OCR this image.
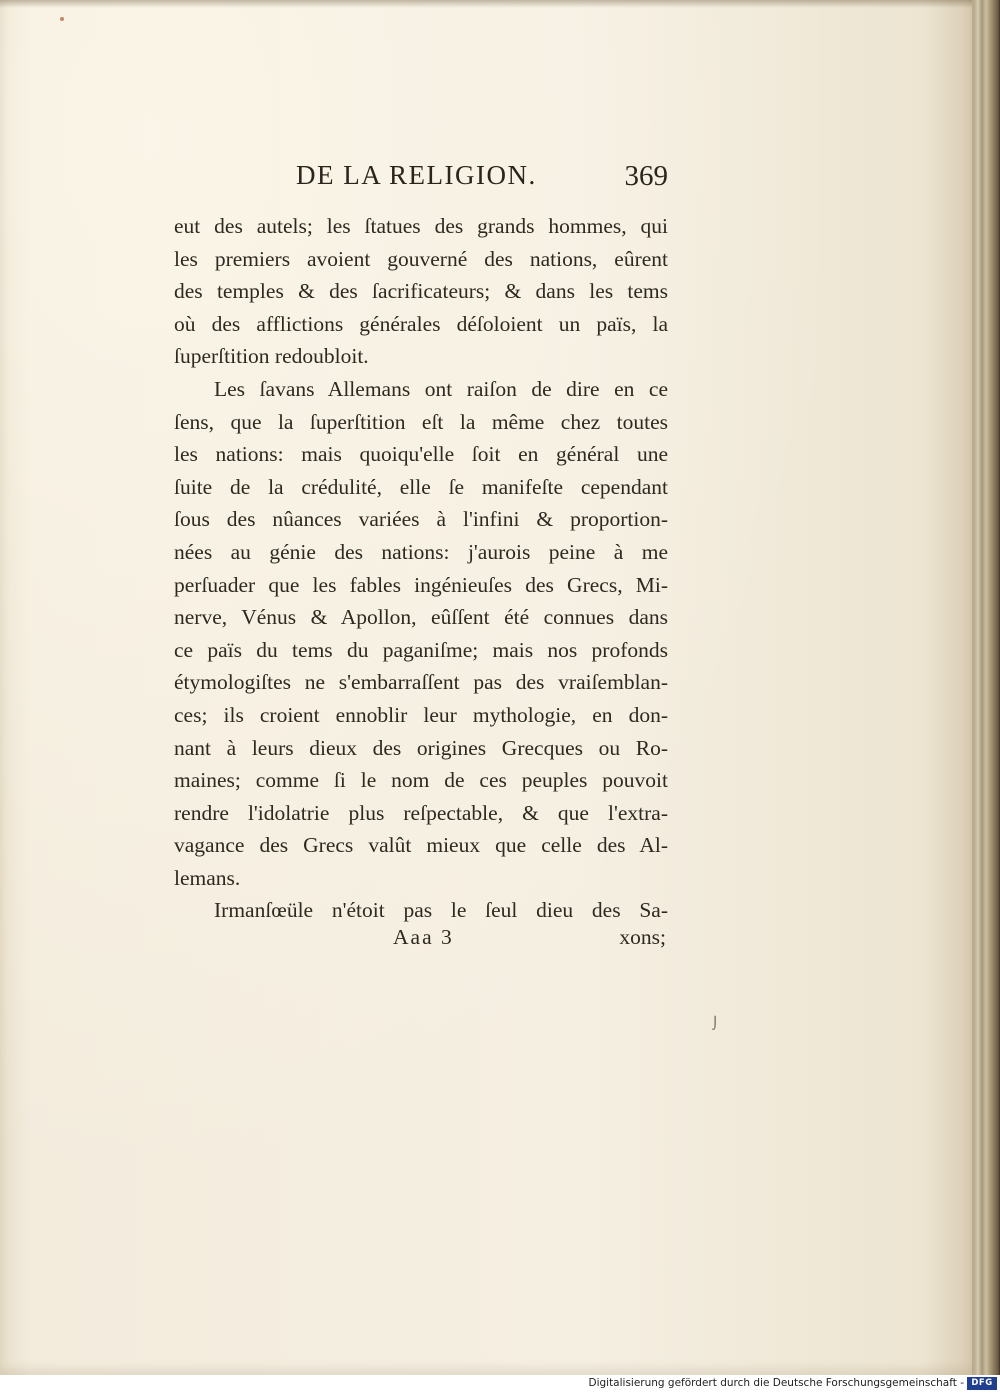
DE LA RELIGION.	369
eut des autels; les ſtatues des grands hommes, qui
les premiers avoient gouverné des nations, eûrent
des temples & des ſacrificateurs; & dans les tems
où des afflictions générales déſoloient un païs, la
ſuperſtition redoubloit.
Les ſavans Allemans ont raiſon de dire en ce
ſens, que la ſuperſtition eſt la même chez toutes
les nations: mais quoiqu'elle ſoit en général une
ſuite de la crédulité, elle ſe manifeſte cependant
ſous des nûances variées à l'infini & proportion-
nées au génie des nations: j'aurois peine à me
perſuader que les fables ingénieuſes des Grecs, Mi-
nerve, Vénus & Apollon, eûſſent été connues dans
ce païs du tems du paganiſme; mais nos profonds
étymologiſtes ne s'embarraſſent pas des vraiſemblan-
ces; ils croient ennoblir leur mythologie, en don-
nant à leurs dieux des origines Grecques ou Ro-
maines; comme ſi le nom de ces peuples pouvoit
rendre l'idolatrie plus reſpectable, & que l'extra-
vagance des Grecs valût mieux que celle des Al-
lemans.
Irmanſœüle n'étoit pas le ſeul dieu des Sa-
Aaa 3	xons;
⌡
Digitalisierung gefördert durch die Deutsche Forschungsgemeinschaft - DFG
